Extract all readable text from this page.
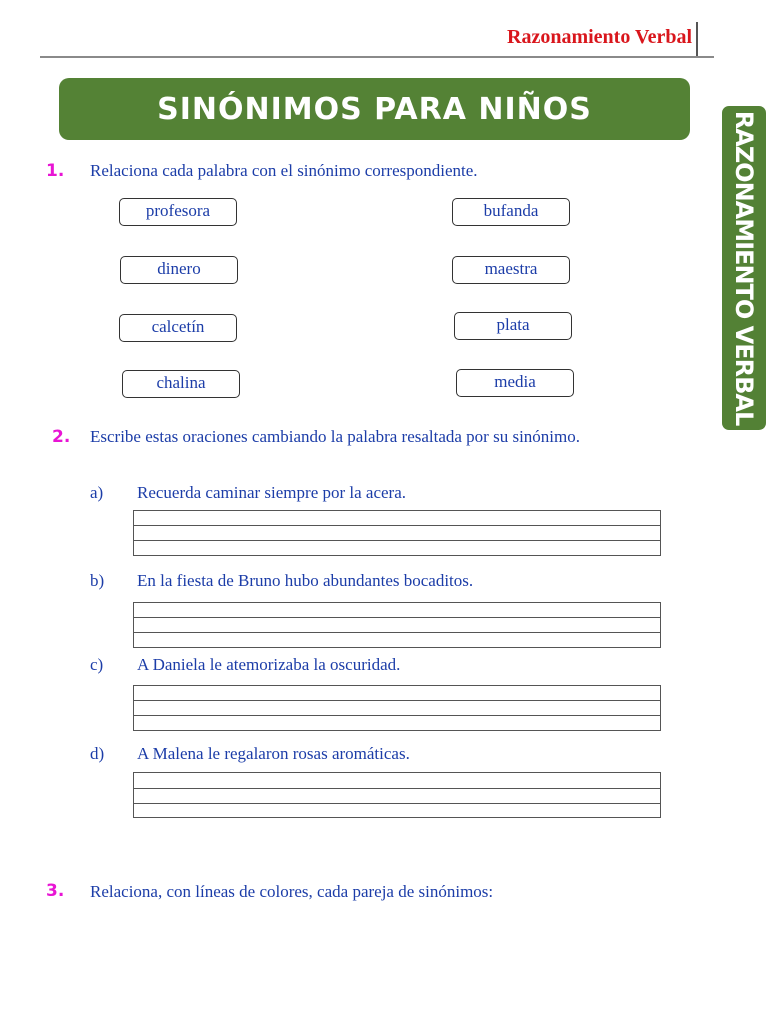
Razonamiento Verbal
SINÓNIMOS PARA NIÑOS
RAZONAMIENTO VERBAL
1. Relaciona cada palabra con el sinónimo correspondiente.
profesora
dinero
calcetín
chalina
bufanda
maestra
plata
media
2. Escribe estas oraciones cambiando la palabra resaltada por su sinónimo.
a) Recuerda caminar siempre por la acera.
b) En la fiesta de Bruno hubo abundantes bocaditos.
c) A Daniela le atemorizaba la oscuridad.
d) A Malena le regalaron rosas aromáticas.
3. Relaciona, con líneas de colores, cada pareja de sinónimos:
